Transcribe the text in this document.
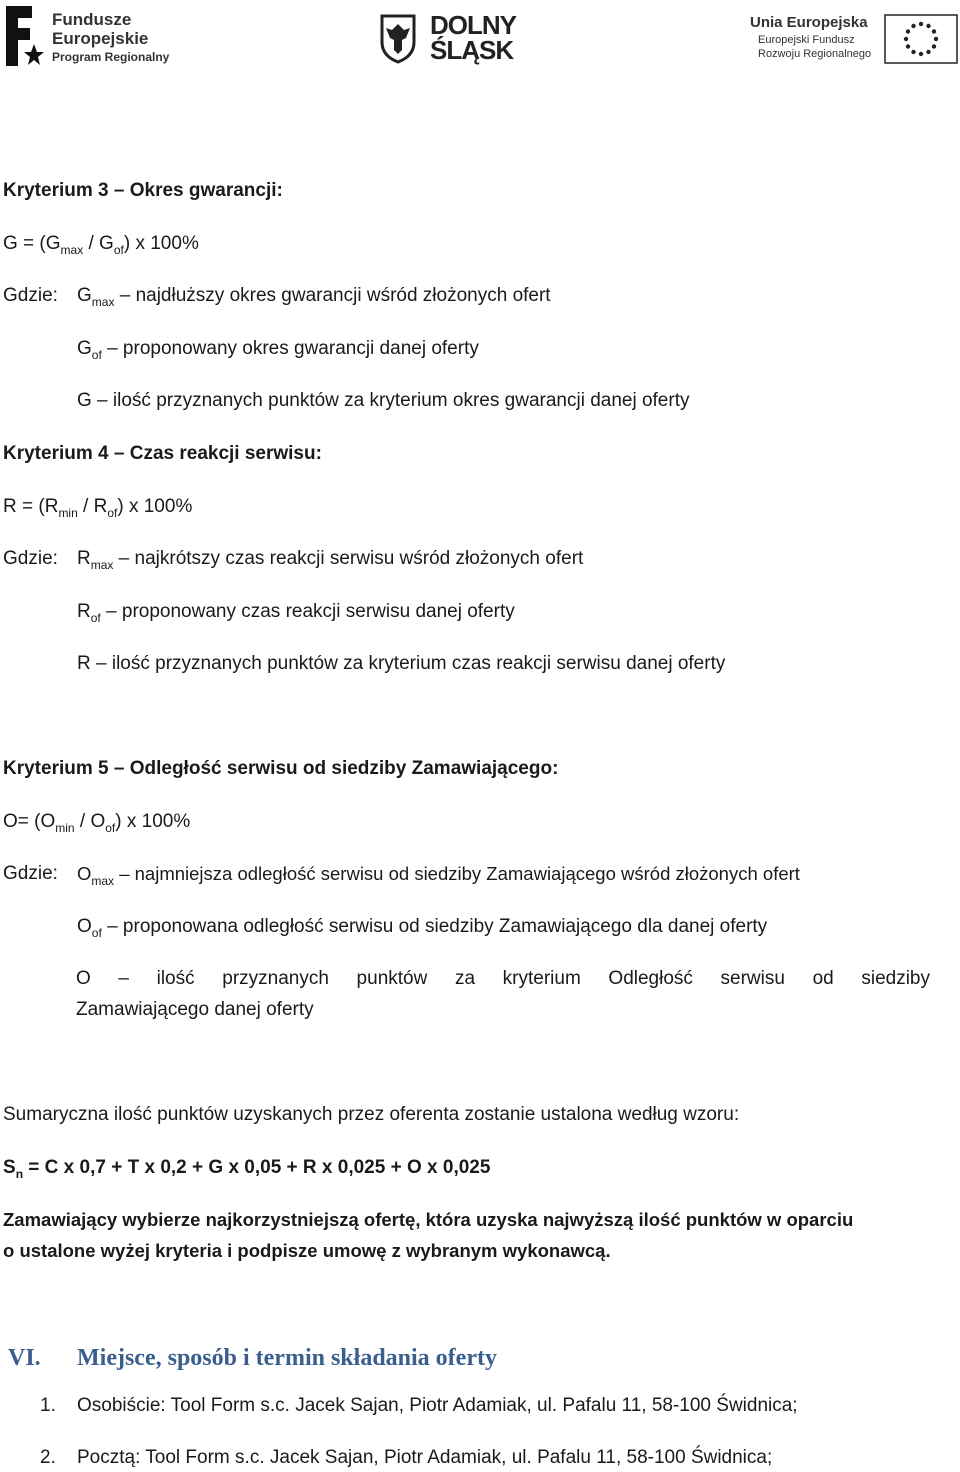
Fundusze
Europejskie
Program Regionalny
DOLNY
ŚLĄSK
Unia Europejska
Europejski Fundusz
Rozwoju Regionalnego
Kryterium 3 – Okres gwarancji:
$G = (G_{max} / G_{of})$ x 100%
Gdzie: $G_{max}$ – najdłuższy okres gwarancji wśród złożonych ofert
$G_{of}$ – proponowany okres gwarancji danej oferty
G – ilość przyznanych punktów za kryterium okres gwarancji danej oferty
Kryterium 4 – Czas reakcji serwisu:
$R = (R_{min} / R_{of})$ x 100%
Gdzie: $R_{max}$ – najkrótszy czas reakcji serwisu wśród złożonych ofert
$R_{of}$ – proponowany czas reakcji serwisu danej oferty
R – ilość przyznanych punktów za kryterium czas reakcji serwisu danej oferty
Kryterium 5 – Odległość serwisu od siedziby Zamawiającego:
$O= (O_{min} / O_{of})$ x 100%
Gdzie: $O_{max}$ – najmniejsza odległość serwisu od siedziby Zamawiającego wśród złożonych ofert
$O_{of}$ – proponowana odległość serwisu od siedziby Zamawiającego dla danej oferty
O – ilość przyznanych punktów za kryterium Odległość serwisu od siedziby
Zamawiającego danej oferty
Sumaryczna ilość punktów uzyskanych przez oferenta zostanie ustalona według wzoru:
$S_n = C$ x 0,7 + T x 0,2 + G x 0,05 + R x 0,025 + O x 0,025
Zamawiający wybierze najkorzystniejszą ofertę, która uzyska najwyższą ilość punktów w oparciu
o ustalone wyżej kryteria i podpisze umowę z wybranym wykonawcą.
VI. Miejsce, sposób i termin składania oferty
1. Osobiście: Tool Form s.c. Jacek Sajan, Piotr Adamiak, ul. Pafalu 11, 58-100 Świdnica;
2. Pocztą: Tool Form s.c. Jacek Sajan, Piotr Adamiak, ul. Pafalu 11, 58-100 Świdnica;
